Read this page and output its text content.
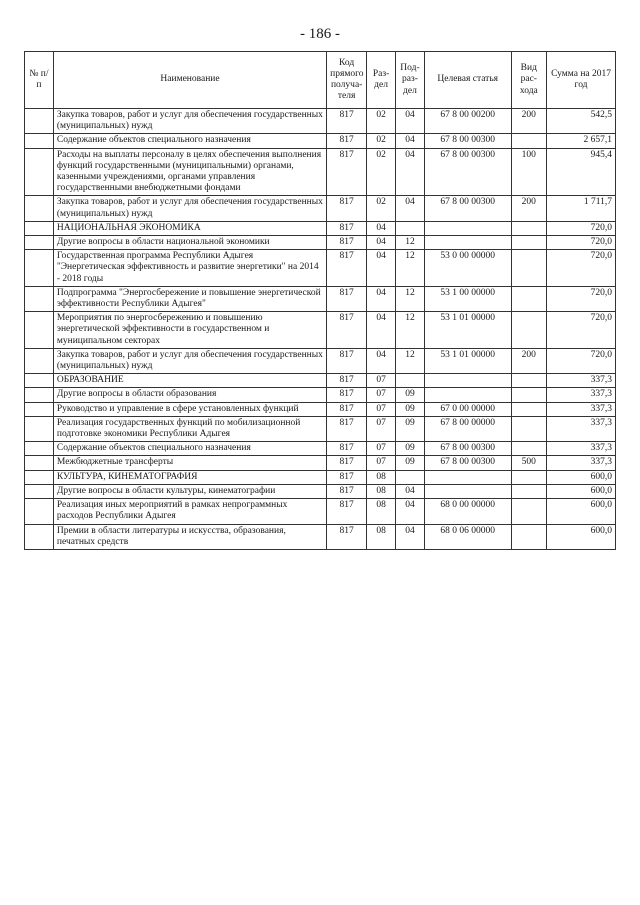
- 186 -
№ п/п	Наименование	Код прямого получа-теля	Раз-дел	Под-раз-дел	Целевая статья	Вид рас-хода	Сумма на 2017 год
	Закупка товаров, работ и услуг для обеспечения государственных (муниципальных) нужд	817	02	04	67 8 00 00200	200	542,5
	Содержание объектов специального назначения	817	02	04	67 8 00 00300		2 657,1
	Расходы на выплаты персоналу в целях обеспечения выполнения функций государственными (муниципальными) органами, казенными учреждениями, органами управления государственными внебюджетными фондами	817	02	04	67 8 00 00300	100	945,4
	Закупка товаров, работ и услуг для обеспечения государственных (муниципальных) нужд	817	02	04	67 8 00 00300	200	1 711,7
	НАЦИОНАЛЬНАЯ ЭКОНОМИКА	817	04				720,0
	Другие вопросы в области национальной экономики	817	04	12			720,0
	Государственная программа Республики Адыгея "Энергетическая эффективность и развитие энергетики" на 2014 - 2018 годы	817	04	12	53 0 00 00000		720,0
	Подпрограмма "Энергосбережение и повышение энергетической эффективности Республики Адыгея"	817	04	12	53 1 00 00000		720,0
	Мероприятия по энергосбережению и повышению энергетической эффективности в государственном и муниципальном секторах	817	04	12	53 1 01 00000		720,0
	Закупка товаров, работ и услуг для обеспечения государственных (муниципальных) нужд	817	04	12	53 1 01 00000	200	720,0
	ОБРАЗОВАНИЕ	817	07				337,3
	Другие вопросы в области образования	817	07	09			337,3
	Руководство и управление в сфере установленных функций	817	07	09	67 0 00 00000		337,3
	Реализация государственных функций по мобилизационной подготовке экономики Республики Адыгея	817	07	09	67 8 00 00000		337,3
	Содержание объектов специального назначения	817	07	09	67 8 00 00300		337,3
	Межбюджетные трансферты	817	07	09	67 8 00 00300	500	337,3
	КУЛЬТУРА, КИНЕМАТОГРАФИЯ	817	08				600,0
	Другие вопросы в области культуры, кинематографии	817	08	04			600,0
	Реализация иных мероприятий в рамках непрограммных расходов Республики Адыгея	817	08	04	68 0 00 00000		600,0
	Премии в области литературы и искусства, образования, печатных средств	817	08	04	68 0 06 00000		600,0
